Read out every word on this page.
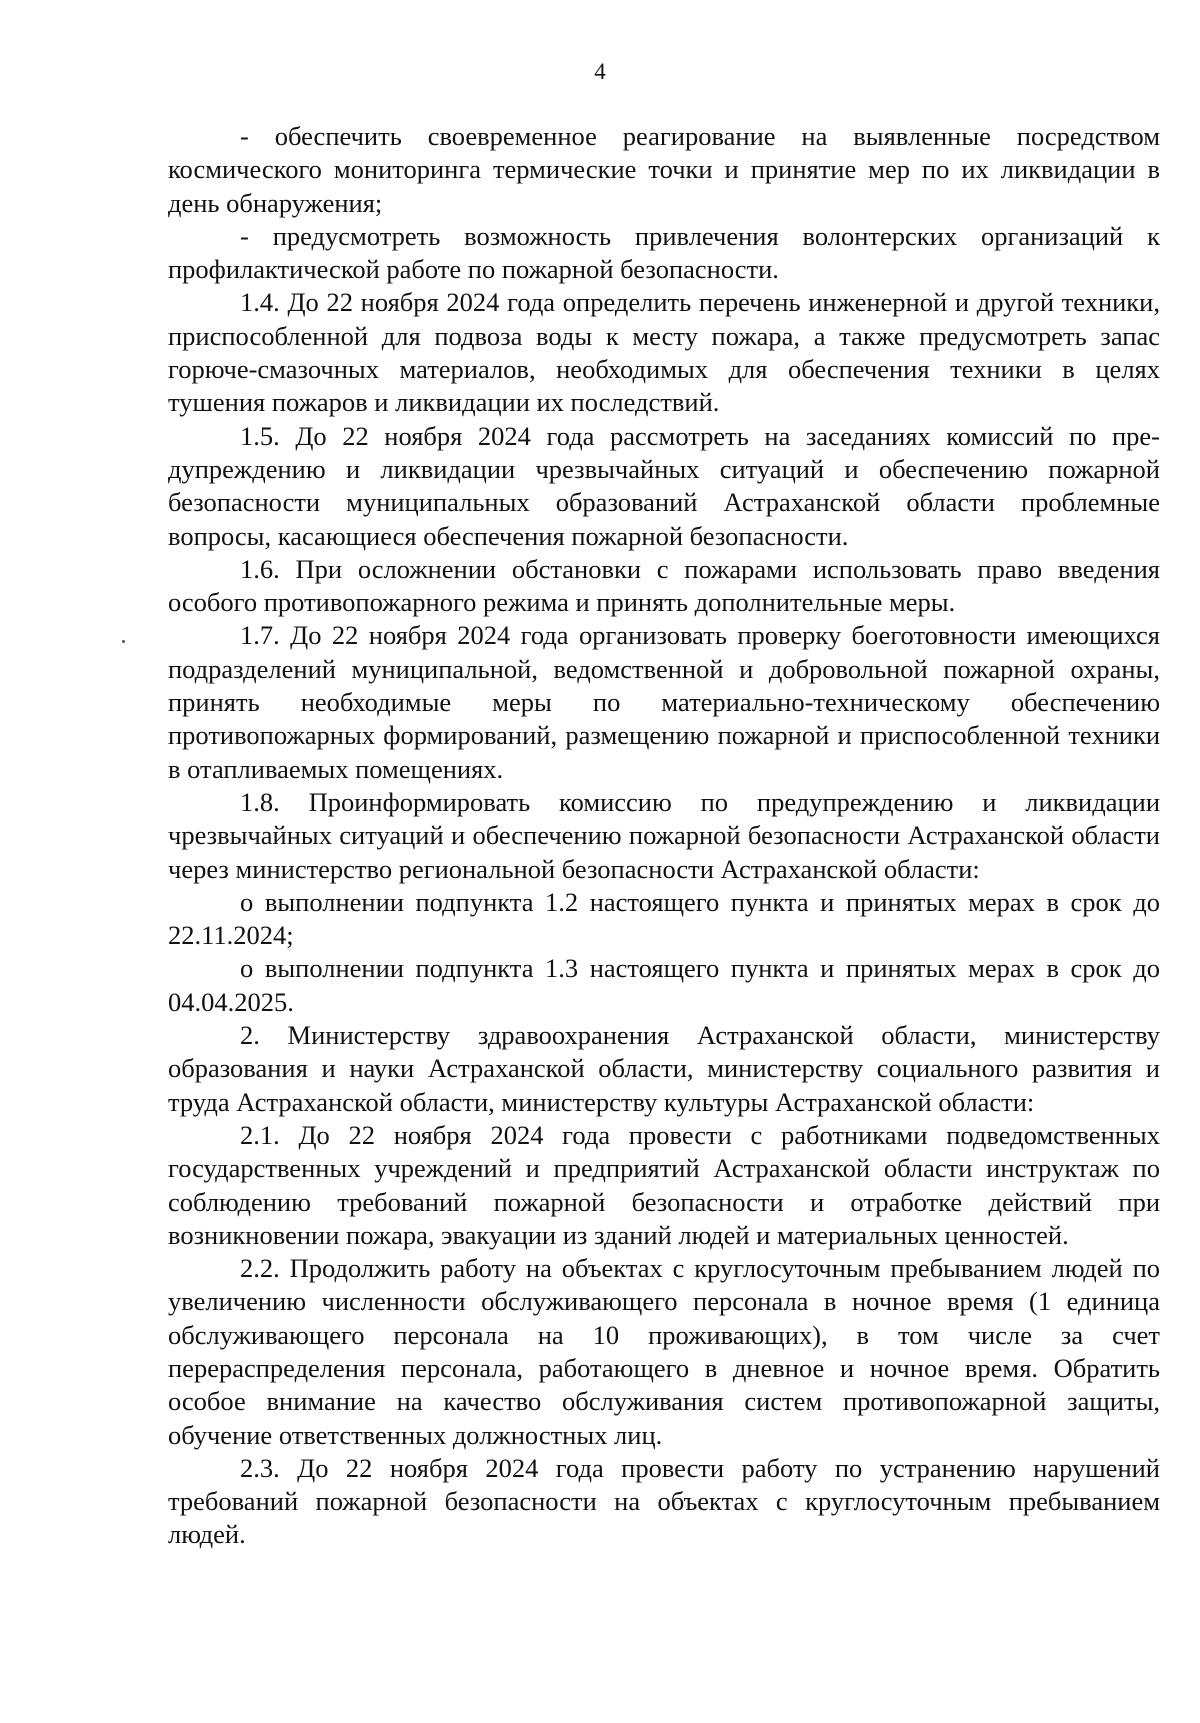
4

- обеспечить своевременное реагирование на выявленные посредством космического мониторинга термические точки и принятие мер по их ликвидации в день обнаружения;

- предусмотреть возможность привлечения волонтерских организаций к профилактической работе по пожарной безопасности.

1.4. До 22 ноября 2024 года определить перечень инженерной и другой техники, приспособленной для подвоза воды к месту пожара, а также предусмотреть запас горюче-смазочных материалов, необходимых для обеспечения техники в целях тушения пожаров и ликвидации их последствий.

1.5. До 22 ноября 2024 года рассмотреть на заседаниях комиссий по предупреждению и ликвидации чрезвычайных ситуаций и обеспечению пожарной безопасности муниципальных образований Астраханской области проблемные вопросы, касающиеся обеспечения пожарной безопасности.

1.6. При осложнении обстановки с пожарами использовать право введения особого противопожарного режима и принять дополнительные меры.

1.7. До 22 ноября 2024 года организовать проверку боеготовности имеющихся подразделений муниципальной, ведомственной и добровольной пожарной охраны, принять необходимые меры по материально-техническому обеспечению противопожарных формирований, размещению пожарной и приспособленной техники в отапливаемых помещениях.

1.8. Проинформировать комиссию по предупреждению и ликвидации чрезвычайных ситуаций и обеспечению пожарной безопасности Астраханской области через министерство региональной безопасности Астраханской области:

о выполнении подпункта 1.2 настоящего пункта и принятых мерах в срок до 22.11.2024;

о выполнении подпункта 1.3 настоящего пункта и принятых мерах в срок до 04.04.2025.

2. Министерству здравоохранения Астраханской области, министерству образования и науки Астраханской области, министерству социального развития и труда Астраханской области, министерству культуры Астраханской области:

2.1. До 22 ноября 2024 года провести с работниками подведомственных государственных учреждений и предприятий Астраханской области инструктаж по соблюдению требований пожарной безопасности и отработке действий при возникновении пожара, эвакуации из зданий людей и материальных ценностей.

2.2. Продолжить работу на объектах с круглосуточным пребыванием людей по увеличению численности обслуживающего персонала в ночное время (1 единица обслуживающего персонала на 10 проживающих), в том числе за счет перераспределения персонала, работающего в дневное и ночное время. Обратить особое внимание на качество обслуживания систем противопожарной защиты, обучение ответственных должностных лиц.

2.3. До 22 ноября 2024 года провести работу по устранению нарушений требований пожарной безопасности на объектах с круглосуточным пребыванием людей.
